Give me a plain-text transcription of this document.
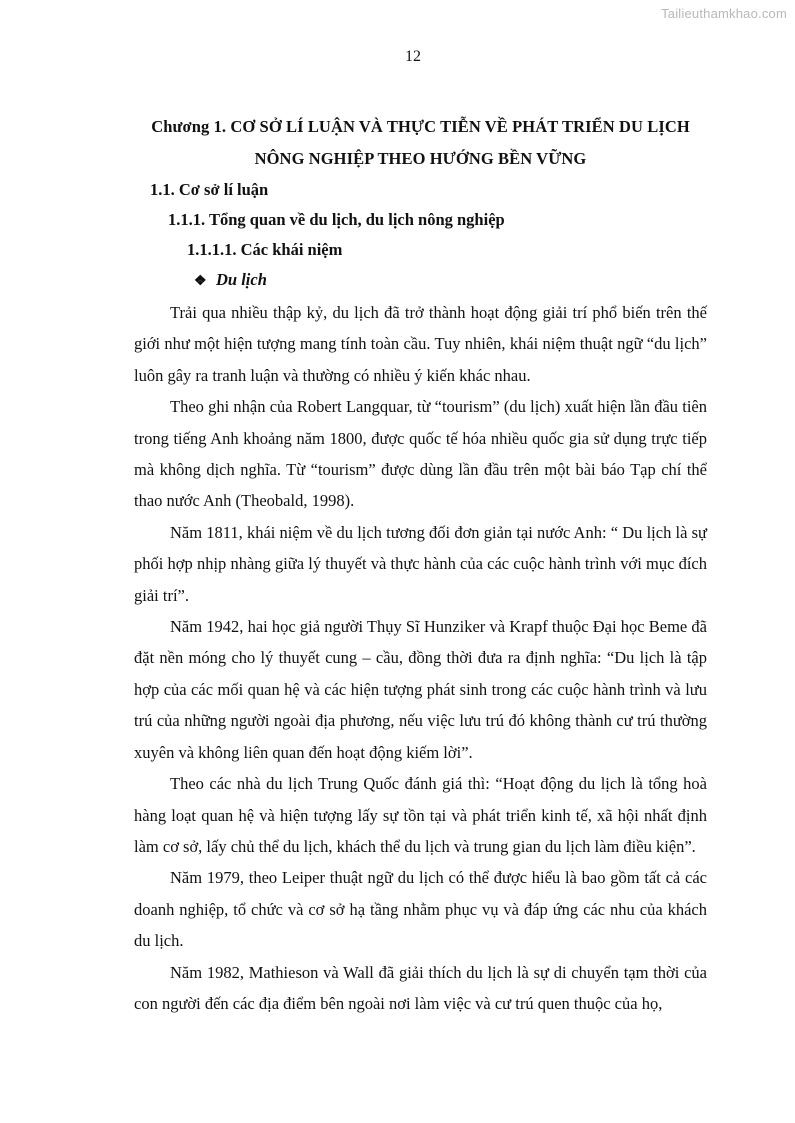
Tailieuthamkhao.com
12
Chương 1. CƠ SỞ LÍ LUẬN VÀ THỰC TIỄN VỀ PHÁT TRIỂN DU LỊCH
NÔNG NGHIỆP THEO HƯỚNG BỀN VỮNG
1.1. Cơ sở lí luận
1.1.1. Tổng quan về du lịch, du lịch nông nghiệp
1.1.1.1. Các khái niệm
❖ Du lịch

Trải qua nhiều thập kỷ, du lịch đã trở thành hoạt động giải trí phổ biến trên thế giới như một hiện tượng mang tính toàn cầu. Tuy nhiên, khái niệm thuật ngữ “du lịch” luôn gây ra tranh luận và thường có nhiều ý kiến khác nhau.

Theo ghi nhận của Robert Langquar, từ “tourism” (du lịch) xuất hiện lần đầu tiên trong tiếng Anh khoảng năm 1800, được quốc tế hóa nhiều quốc gia sử dụng trực tiếp mà không dịch nghĩa. Từ “tourism” được dùng lần đầu trên một bài báo Tạp chí thể thao nước Anh (Theobald, 1998).

Năm 1811, khái niệm về du lịch tương đối đơn giản tại nước Anh: “ Du lịch là sự phối hợp nhịp nhàng giữa lý thuyết và thực hành của các cuộc hành trình với mục đích giải trí”.

Năm 1942, hai học giả người Thụy Sĩ Hunziker và Krapf thuộc Đại học Beme đã đặt nền móng cho lý thuyết cung – cầu, đồng thời đưa ra định nghĩa: “Du lịch là tập hợp của các mối quan hệ và các hiện tượng phát sinh trong các cuộc hành trình và lưu trú của những người ngoài địa phương, nếu việc lưu trú đó không thành cư trú thường xuyên và không liên quan đến hoạt động kiếm lời”.

Theo các nhà du lịch Trung Quốc đánh giá thì: “Hoạt động du lịch là tổng hoà hàng loạt quan hệ và hiện tượng lấy sự tồn tại và phát triển kinh tế, xã hội nhất định làm cơ sở, lấy chủ thể du lịch, khách thể du lịch và trung gian du lịch làm điều kiện”.

Năm 1979, theo Leiper thuật ngữ du lịch có thể được hiểu là bao gồm tất cả các doanh nghiệp, tổ chức và cơ sở hạ tầng nhằm phục vụ và đáp ứng các nhu của khách du lịch.

Năm 1982, Mathieson và Wall đã giải thích du lịch là sự di chuyển tạm thời của con người đến các địa điểm bên ngoài nơi làm việc và cư trú quen thuộc của họ,
